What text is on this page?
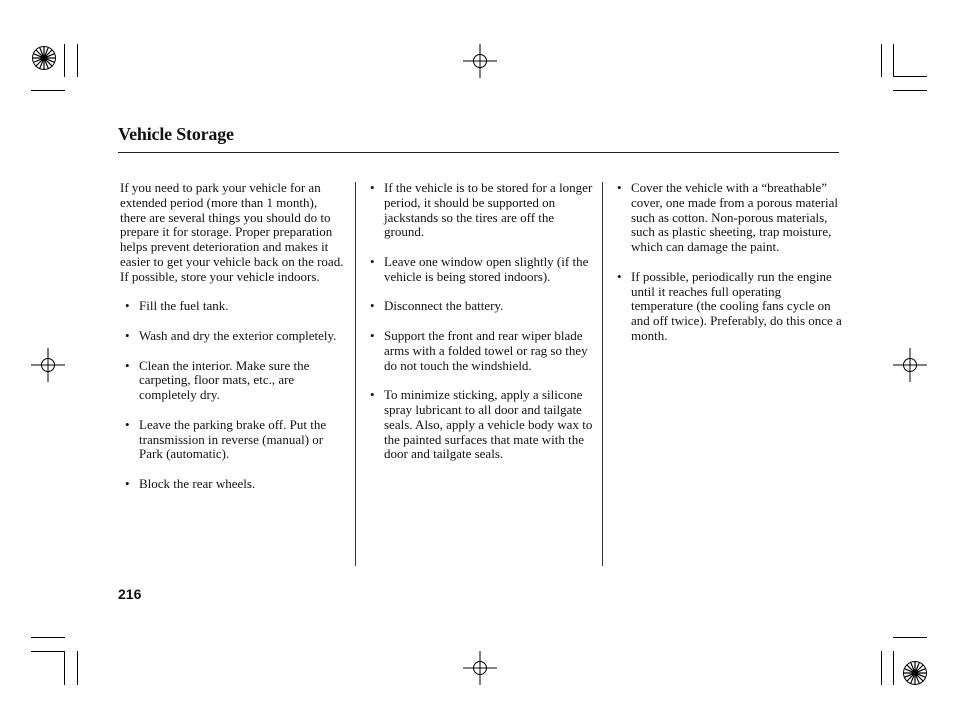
Vehicle Storage

If you need to park your vehicle for an extended period (more than 1 month), there are several things you should do to prepare it for storage. Proper preparation helps prevent deterioration and makes it easier to get your vehicle back on the road. If possible, store your vehicle indoors.

• Fill the fuel tank.

• Wash and dry the exterior completely.

• Clean the interior. Make sure the carpeting, floor mats, etc., are completely dry.

• Leave the parking brake off. Put the transmission in reverse (manual) or Park (automatic).

• Block the rear wheels.

• If the vehicle is to be stored for a longer period, it should be supported on jackstands so the tires are off the ground.

• Leave one window open slightly (if the vehicle is being stored indoors).

• Disconnect the battery.

• Support the front and rear wiper blade arms with a folded towel or rag so they do not touch the windshield.

• To minimize sticking, apply a silicone spray lubricant to all door and tailgate seals. Also, apply a vehicle body wax to the painted surfaces that mate with the door and tailgate seals.

• Cover the vehicle with a “breathable” cover, one made from a porous material such as cotton. Non-porous materials, such as plastic sheeting, trap moisture, which can damage the paint.

• If possible, periodically run the engine until it reaches full operating temperature (the cooling fans cycle on and off twice). Preferably, do this once a month.

216
